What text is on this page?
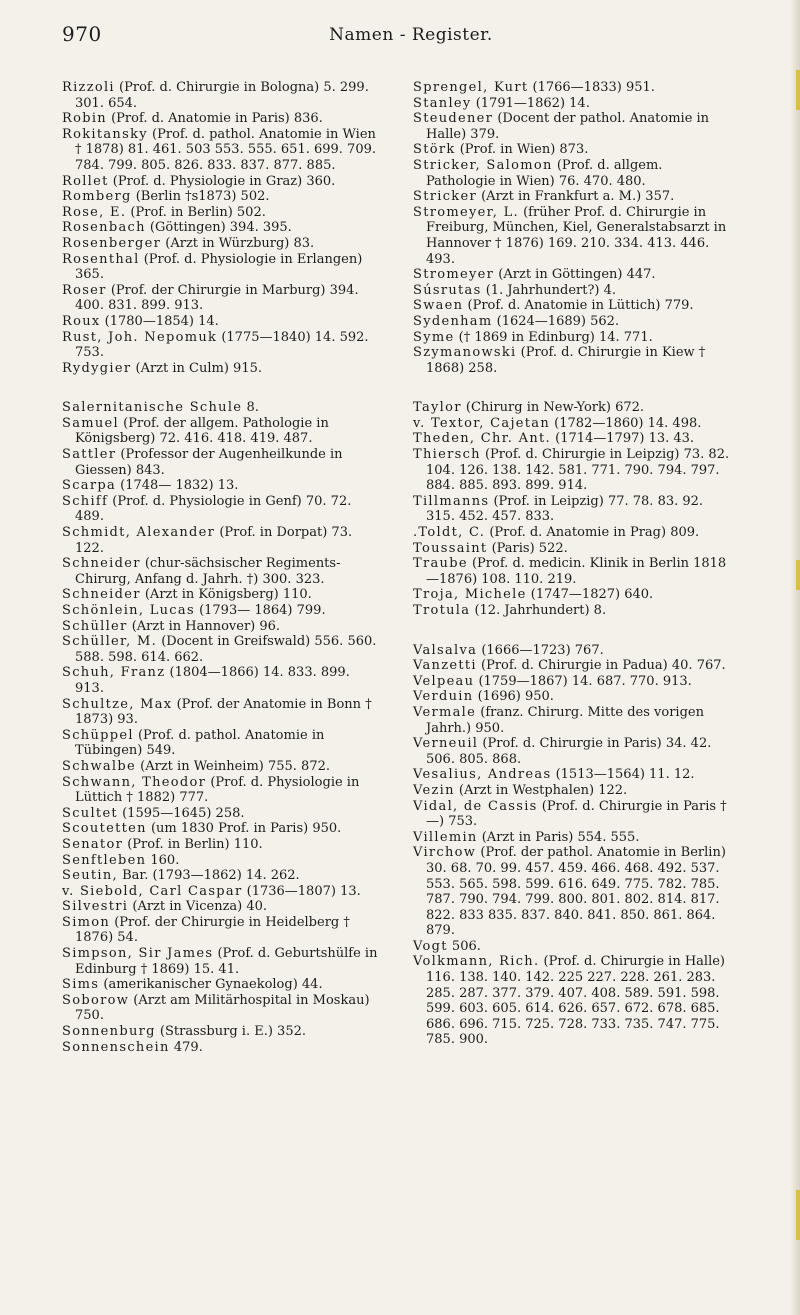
970	Namen - Register.
Rizzoli (Prof. d. Chirurgie in Bologna) 5. 299. 301. 654.
Robin (Prof. d. Anatomie in Paris) 836.
Rokitansky (Prof. d. pathol. Anatomie in Wien † 1878) 81. 461. 503 553. 555. 651. 699. 709. 784. 799. 805. 826. 833. 837. 877. 885.
Rollet (Prof. d. Physiologie in Graz) 360.
Romberg (Berlin †s1873) 502.
Rose, E. (Prof. in Berlin) 502.
Rosenbach (Göttingen) 394. 395.
Rosenberger (Arzt in Würzburg) 83.
Rosenthal (Prof. d. Physiologie in Erlangen) 365.
Roser (Prof. der Chirurgie in Marburg) 394. 400. 831. 899. 913.
Roux (1780—1854) 14.
Rust, Joh. Nepomuk (1775—1840) 14. 592. 753.
Rydygier (Arzt in Culm) 915.
Salernitanische Schule 8.
Samuel (Prof. der allgem. Pathologie in Königsberg) 72. 416. 418. 419. 487.
Sattler (Professor der Augenheilkunde in Giessen) 843.
Scarpa (1748— 1832) 13.
Schiff (Prof. d. Physiologie in Genf) 70. 72. 489.
Schmidt, Alexander (Prof. in Dorpat) 73. 122.
Schneider (chur-sächsischer Regiments-Chirurg, Anfang d. Jahrh. †) 300. 323.
Schneider (Arzt in Königsberg) 110.
Schönlein, Lucas (1793— 1864) 799.
Schüller (Arzt in Hannover) 96.
Schüller, M. (Docent in Greifswald) 556. 560. 588. 598. 614. 662.
Schuh, Franz (1804—1866) 14. 833. 899. 913.
Schultze, Max (Prof. der Anatomie in Bonn † 1873) 93.
Schüppel (Prof. d. pathol. Anatomie in Tübingen) 549.
Schwalbe (Arzt in Weinheim) 755. 872.
Schwann, Theodor (Prof. d. Physiologie in Lüttich † 1882) 777.
Scultet (1595—1645) 258.
Scoutetten (um 1830 Prof. in Paris) 950.
Senator (Prof. in Berlin) 110.
Senftleben 160.
Seutin, Bar. (1793—1862) 14. 262.
v. Siebold, Carl Caspar (1736—1807) 13.
Silvestri (Arzt in Vicenza) 40.
Simon (Prof. der Chirurgie in Heidelberg † 1876) 54.
Simpson, Sir James (Prof. d. Geburtshülfe in Edinburg † 1869) 15. 41.
Sims (amerikanischer Gynaekolog) 44.
Soborow (Arzt am Militärhospital in Moskau) 750.
Sonnenburg (Strassburg i. E.) 352.
Sonnenschein 479.
Sprengel, Kurt (1766—1833) 951.
Stanley (1791—1862) 14.
Steudener (Docent der pathol. Anatomie in Halle) 379.
Störk (Prof. in Wien) 873.
Stricker, Salomon (Prof. d. allgem. Pathologie in Wien) 76. 470. 480.
Stricker (Arzt in Frankfurt a. M.) 357.
Stromeyer, L. (früher Prof. d. Chirurgie in Freiburg, München, Kiel, Generalstabsarzt in Hannover † 1876) 169. 210. 334. 413. 446. 493.
Stromeyer (Arzt in Göttingen) 447.
Súsrutas (1. Jahrhundert?) 4.
Swaen (Prof. d. Anatomie in Lüttich) 779.
Sydenham (1624—1689) 562.
Syme († 1869 in Edinburg) 14. 771.
Szymanowski (Prof. d. Chirurgie in Kiew † 1868) 258.
Taylor (Chirurg in New-York) 672.
v. Textor, Cajetan (1782—1860) 14. 498.
Theden, Chr. Ant. (1714—1797) 13. 43.
Thiersch (Prof. d. Chirurgie in Leipzig) 73. 82. 104. 126. 138. 142. 581. 771. 790. 794. 797. 884. 885. 893. 899. 914.
Tillmanns (Prof. in Leipzig) 77. 78. 83. 92. 315. 452. 457. 833.
.Toldt, C. (Prof. d. Anatomie in Prag) 809.
Toussaint (Paris) 522.
Traube (Prof. d. medicin. Klinik in Berlin 1818—1876) 108. 110. 219.
Troja, Michele (1747—1827) 640.
Trotula (12. Jahrhundert) 8.
Valsalva (1666—1723) 767.
Vanzetti (Prof. d. Chirurgie in Padua) 40. 767.
Velpeau (1759—1867) 14. 687. 770. 913.
Verduin (1696) 950.
Vermale (franz. Chirurg. Mitte des vorigen Jahrh.) 950.
Verneuil (Prof. d. Chirurgie in Paris) 34. 42. 506. 805. 868.
Vesalius, Andreas (1513—1564) 11. 12.
Vezin (Arzt in Westphalen) 122.
Vidal, de Cassis (Prof. d. Chirurgie in Paris † —) 753.
Villemin (Arzt in Paris) 554. 555.
Virchow (Prof. der pathol. Anatomie in Berlin) 30. 68. 70. 99. 457. 459. 466. 468. 492. 537. 553. 565. 598. 599. 616. 649. 775. 782. 785. 787. 790. 794. 799. 800. 801. 802. 814. 817. 822. 833 835. 837. 840. 841. 850. 861. 864. 879.
Vogt 506.
Volkmann, Rich. (Prof. d. Chirurgie in Halle) 116. 138. 140. 142. 225 227. 228. 261. 283. 285. 287. 377. 379. 407. 408. 589. 591. 598. 599. 603. 605. 614. 626. 657. 672. 678. 685. 686. 696. 715. 725. 728. 733. 735. 747. 775. 785. 900.
